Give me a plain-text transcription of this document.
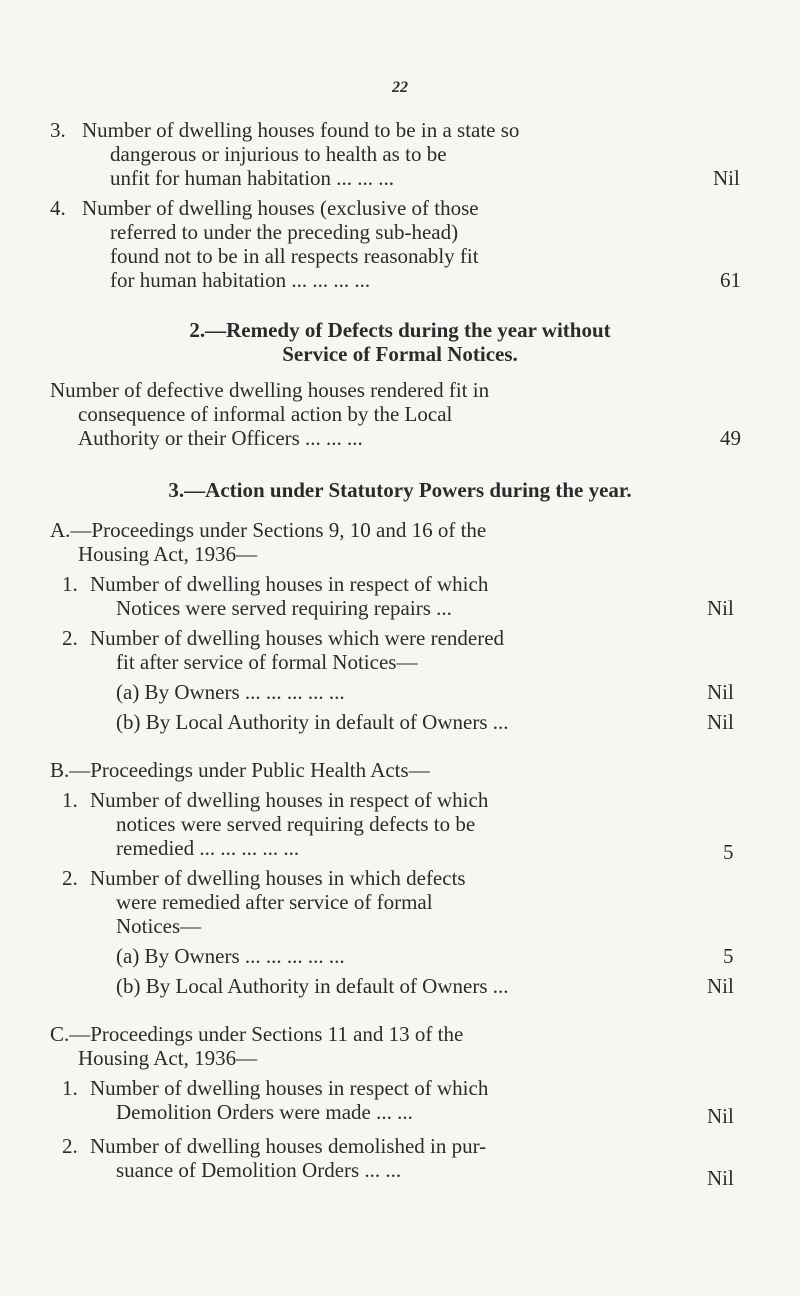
22
3. Number of dwelling houses found to be in a state so
dangerous or injurious to health as to be
unfit for human habitation ... ... ...	Nil
4. Number of dwelling houses (exclusive of those
referred to under the preceding sub-head)
found not to be in all respects reasonably fit
for human habitation ... ... ... ...	61
2.—Remedy of Defects during the year without
Service of Formal Notices.
Number of defective dwelling houses rendered fit in
consequence of informal action by the Local
Authority or their Officers ... ... ...	49
3.—Action under Statutory Powers during the year.
A.—Proceedings under Sections 9, 10 and 16 of the
Housing Act, 1936—
1. Number of dwelling houses in respect of which
Notices were served requiring repairs ...	Nil
2. Number of dwelling houses which were rendered
fit after service of formal Notices—
(a) By Owners ... ... ... ... ...	Nil
(b) By Local Authority in default of Owners ...	Nil
B.—Proceedings under Public Health Acts—
1. Number of dwelling houses in respect of which
notices were served requiring defects to be
remedied ... ... ... ... ...	5
2. Number of dwelling houses in which defects
were remedied after service of formal
Notices—
(a) By Owners ... ... ... ... ...	5
(b) By Local Authority in default of Owners ...	Nil
C.—Proceedings under Sections 11 and 13 of the
Housing Act, 1936—
1. Number of dwelling houses in respect of which
Demolition Orders were made ... ...	Nil
2. Number of dwelling houses demolished in pur-
suance of Demolition Orders ... ...	Nil
